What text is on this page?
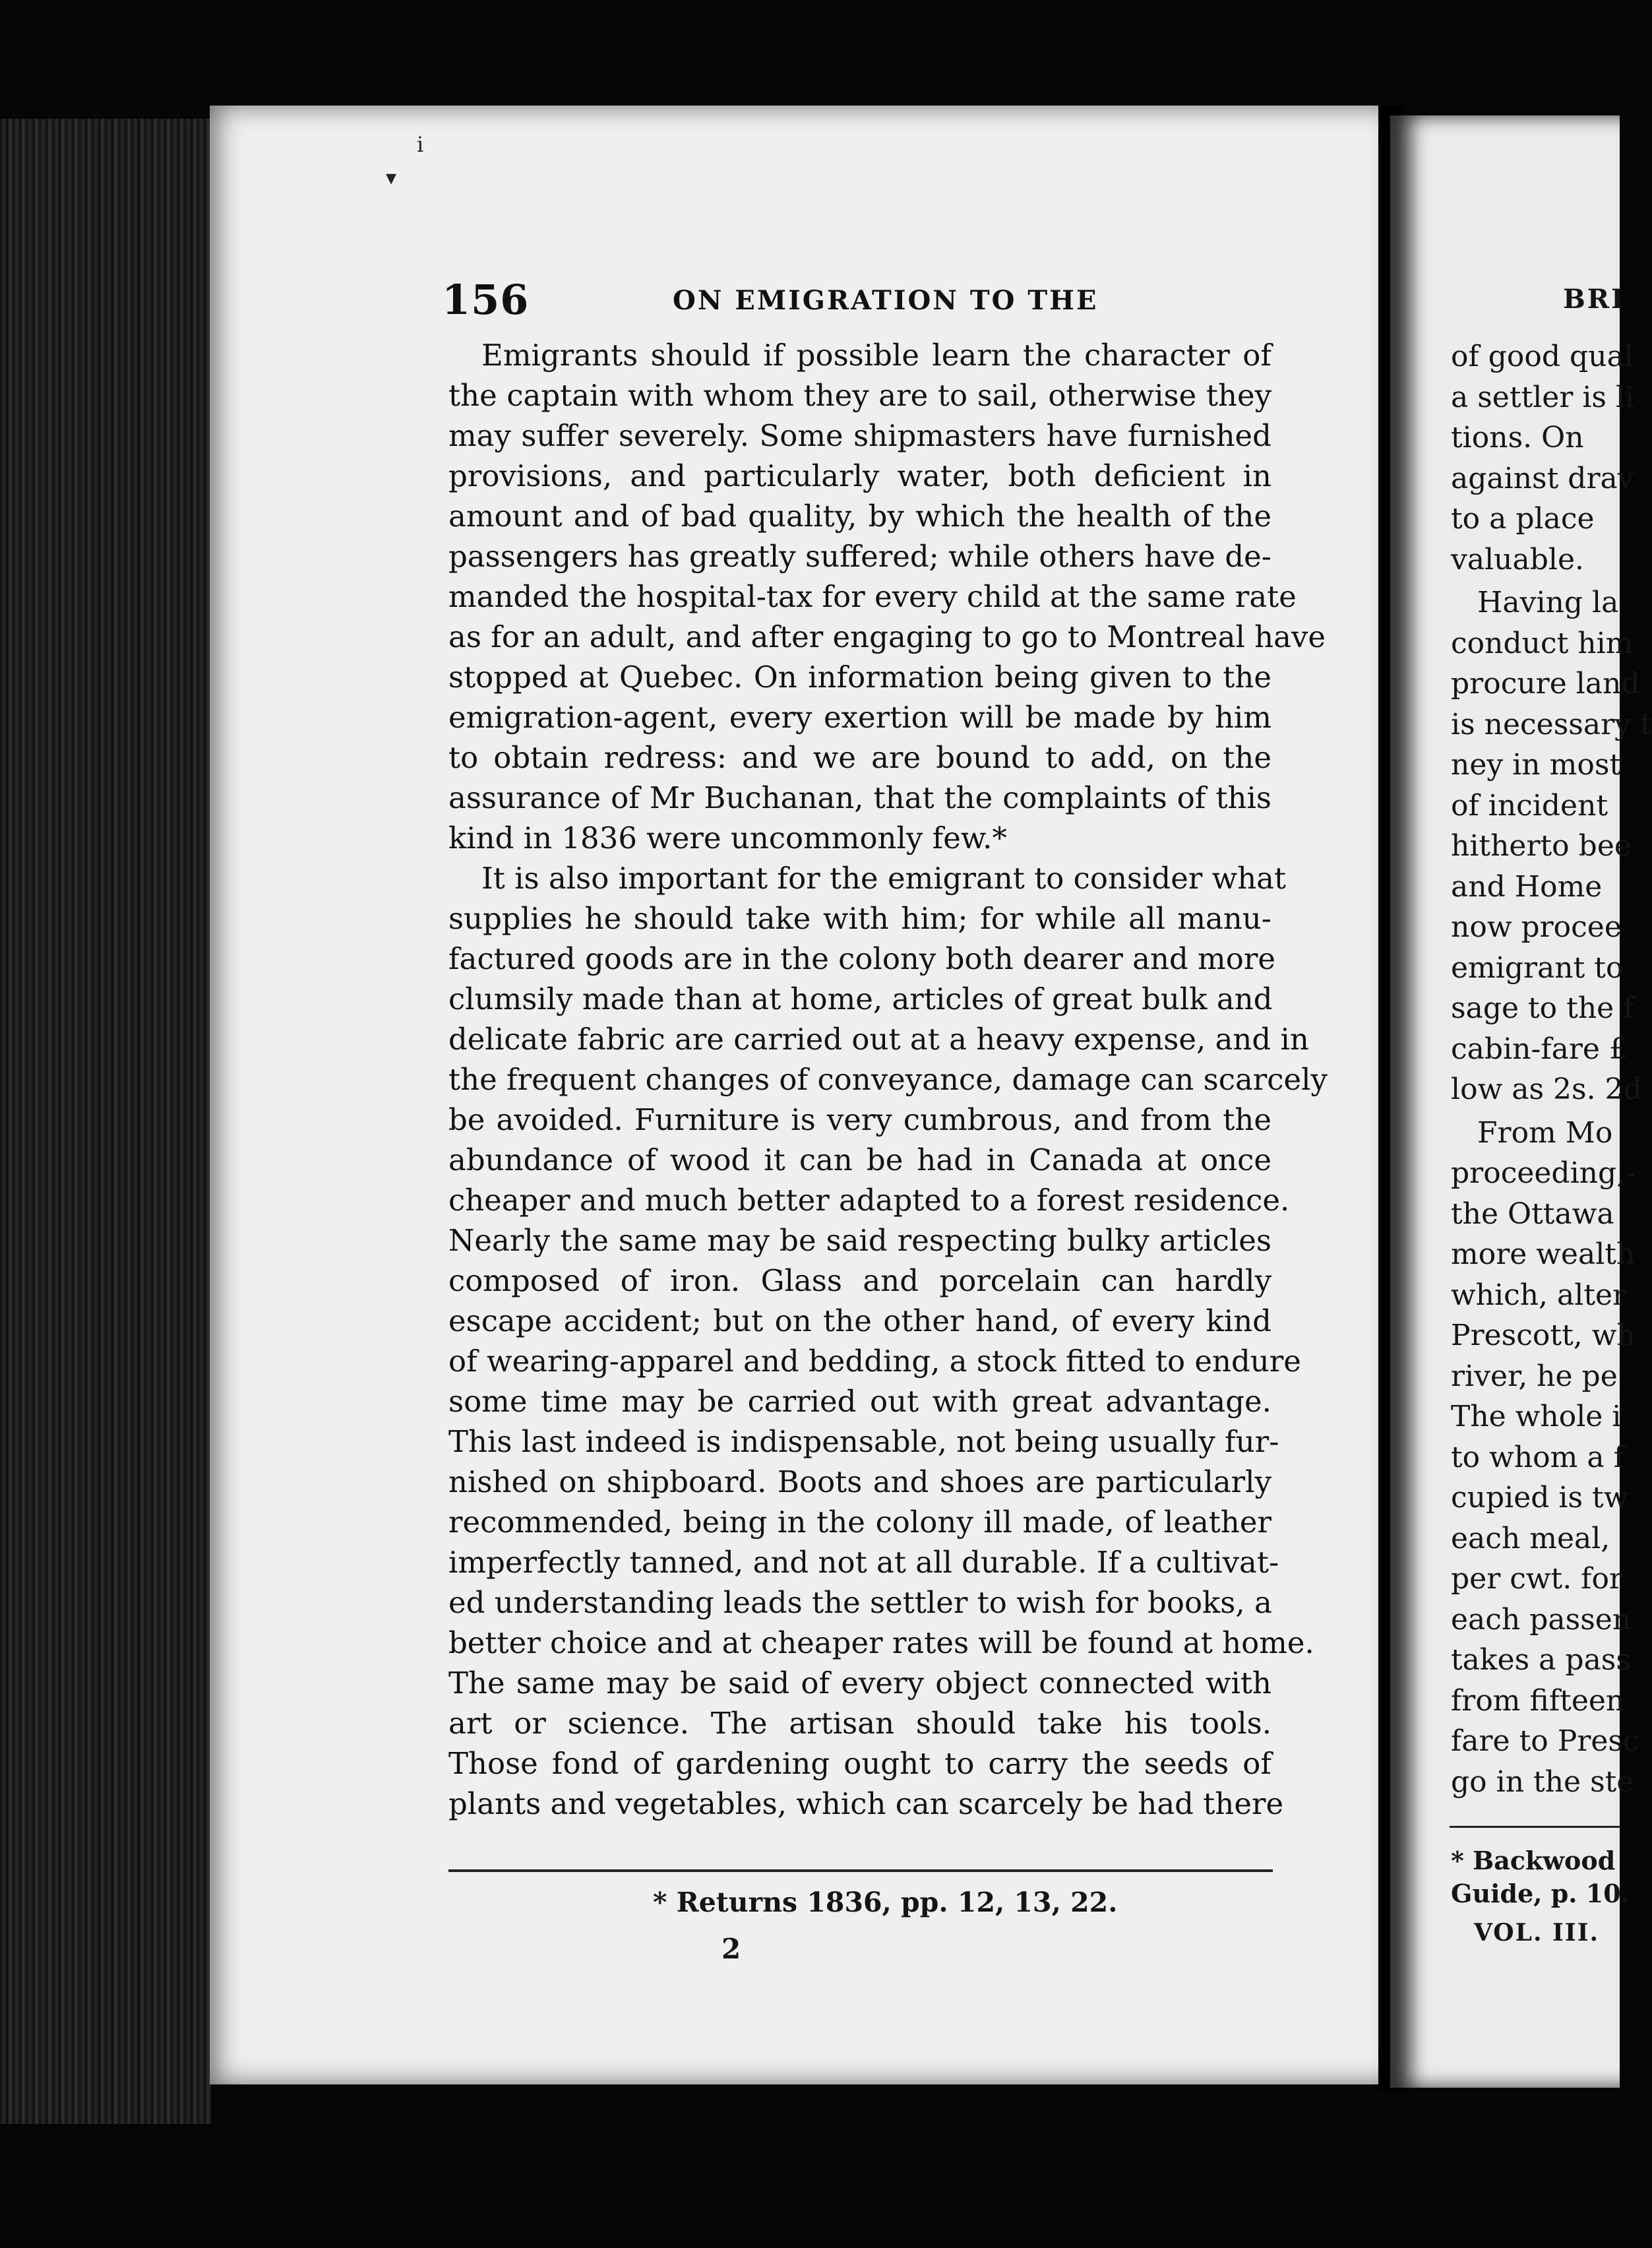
156	ON EMIGRATION TO THE
ⅰ
▾
Emigrants should if possible learn the character of
the captain with whom they are to sail, otherwise they
may suffer severely. Some shipmasters have furnished
provisions, and particularly water, both deficient in
amount and of bad quality, by which the health of the
passengers has greatly suffered; while others have de-
manded the hospital-tax for every child at the same rate
as for an adult, and after engaging to go to Montreal have
stopped at Quebec. On information being given to the
emigration-agent, every exertion will be made by him
to obtain redress: and we are bound to add, on the
assurance of Mr Buchanan, that the complaints of this
kind in 1836 were uncommonly few.*
It is also important for the emigrant to consider what
supplies he should take with him; for while all manu-
factured goods are in the colony both dearer and more
clumsily made than at home, articles of great bulk and
delicate fabric are carried out at a heavy expense, and in
the frequent changes of conveyance, damage can scarcely
be avoided. Furniture is very cumbrous, and from the
abundance of wood it can be had in Canada at once
cheaper and much better adapted to a forest residence.
Nearly the same may be said respecting bulky articles
composed of iron. Glass and porcelain can hardly
escape accident; but on the other hand, of every kind
of wearing-apparel and bedding, a stock fitted to endure
some time may be carried out with great advantage.
This last indeed is indispensable, not being usually fur-
nished on shipboard. Boots and shoes are particularly
recommended, being in the colony ill made, of leather
imperfectly tanned, and not at all durable. If a cultivat-
ed understanding leads the settler to wish for books, a
better choice and at cheaper rates will be found at home.
The same may be said of every object connected with
art or science. The artisan should take his tools.
Those fond of gardening ought to carry the seeds of
plants and vegetables, which can scarcely be had there
* Returns 1836, pp. 12, 13, 22.
2
BRI
of good qual
a settler is li
tions. On
against drav
to a place
valuable.
Having la
conduct him
procure land
is necessary t
ney in most
of incident
hitherto bee
and Home
now procee
emigrant to
sage to the f
cabin-fare £
low as 2s. 2d
From Mo
proceeding,-
the Ottawa
more wealth
which, alter
Prescott, wh
river, he pe
The whole i
to whom a f
cupied is tw
each meal,
per cwt. for
each passen
takes a pass
from fifteen
fare to Presc
go in the ste
* Backwood
Guide, p. 10.
VOL. III.
